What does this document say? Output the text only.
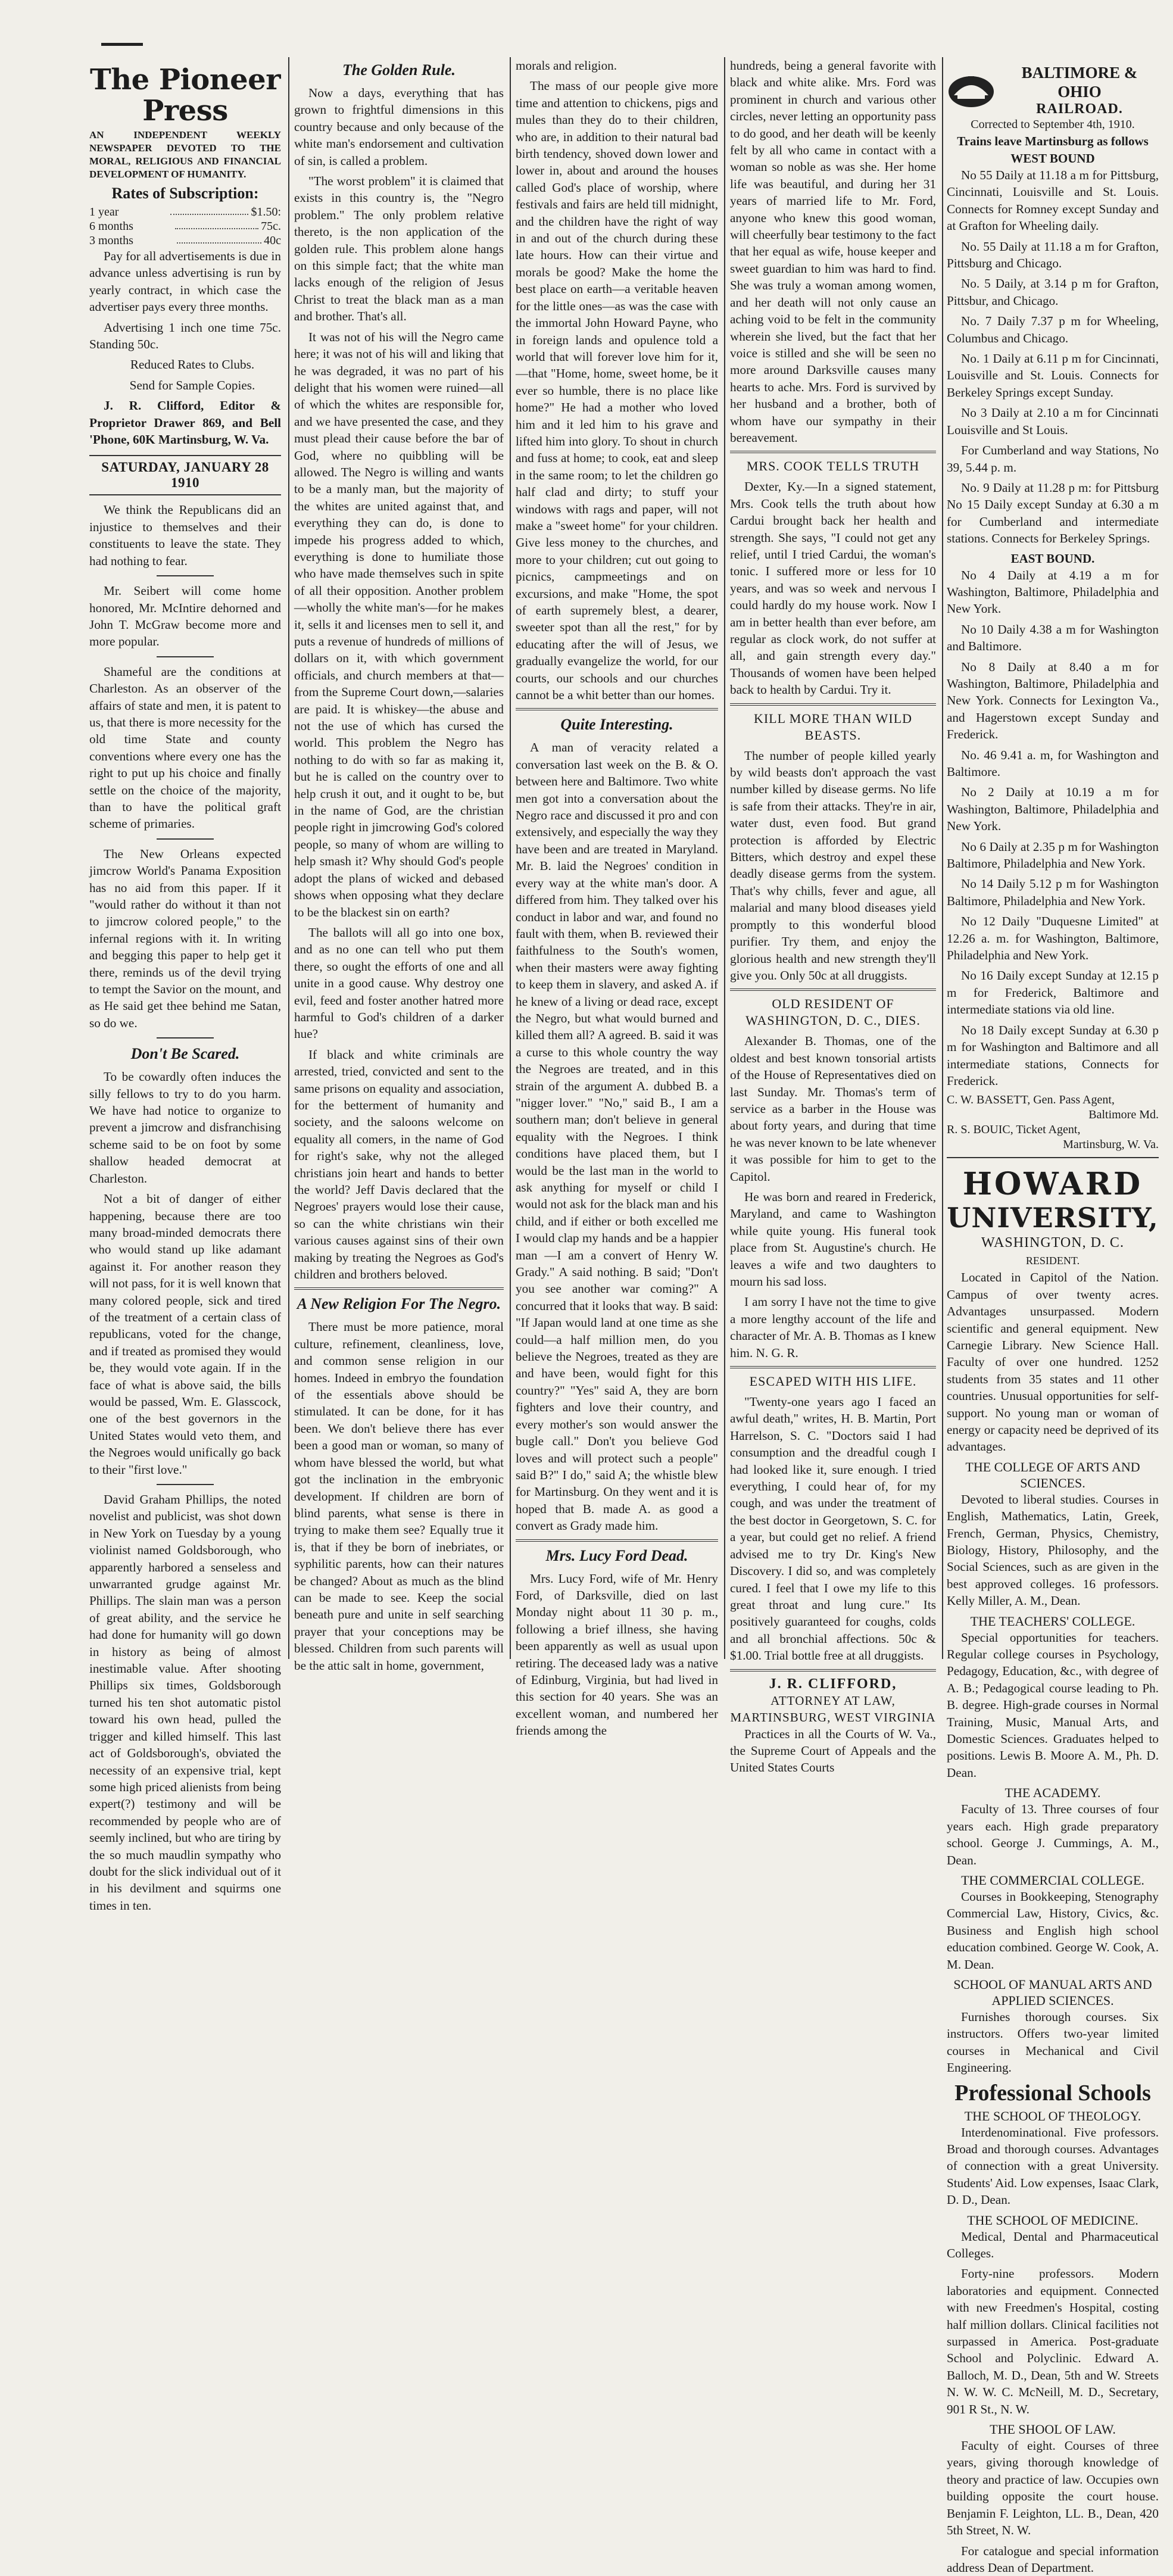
The Pioneer Press
AN INDEPENDENT WEEKLY NEWSPAPER DEVOTED TO THE MORAL, RELIGIOUS AND FINANCIAL DEVELOPMENT OF HUMANITY.
Rates of Subscription:
1 year	$1.50:
6 months	75c.
3 months	40c

Pay for all advertisements is due in advance unless advertising is run by yearly contract, in which case the advertiser pays every three months.

Advertising 1 inch one time 75c. Standing 50c.

Reduced Rates to Clubs.

Send for Sample Copies.

J. R. Clifford, Editor & Proprietor Drawer 869, and Bell 'Phone, 60K Martinsburg, W. Va.

SATURDAY, JANUARY 28 1910

We think the Republicans did an injustice to themselves and their constituents to leave the state. They had nothing to fear.

Mr. Seibert will come home honored, Mr. McIntire dehorned and John T. McGraw become more and more popular.

Shameful are the conditions at Charleston. As an observer of the affairs of state and men, it is patent to us, that there is more necessity for the old time State and county conventions where every one has the right to put up his choice and finally settle on the choice of the majority, than to have the political graft scheme of primaries.

The New Orleans expected jimcrow World's Panama Exposition has no aid from this paper. If it "would rather do without it than not to jimcrow colored people," to the infernal regions with it. In writing and begging this paper to help get it there, reminds us of the devil trying to tempt the Savior on the mount, and as He said get thee behind me Satan, so do we.

Don't Be Scared.

To be cowardly often induces the silly fellows to try to do you harm. We have had notice to organize to prevent a jimcrow and disfranchising scheme said to be on foot by some shallow headed democrat at Charleston.

Not a bit of danger of either happening, because there are too many broad-minded democrats there who would stand up like adamant against it. For another reason they will not pass, for it is well known that many colored people, sick and tired of the treatment of a certain class of republicans, voted for the change, and if treated as promised they would be, they would vote again. If in the face of what is above said, the bills would be passed, Wm. E. Glasscock, one of the best governors in the United States would veto them, and the Negroes would unifically go back to their "first love."

David Graham Phillips, the noted novelist and publicist, was shot down in New York on Tuesday by a young violinist named Goldsborough, who apparently harbored a senseless and unwarranted grudge against Mr. Phillips. The slain man was a person of great ability, and the service he had done for humanity will go down in history as being of almost inestimable value. After shooting Phillips six times, Goldsborough turned his ten shot automatic pistol toward his own head, pulled the trigger and killed himself. This last act of Goldsborough's, obviated the necessity of an expensive trial, kept some high priced alienists from being expert(?) testimony and will be recommended by people who are of seemly inclined, but who are tiring by the so much maudlin sympathy who doubt for the slick individual out of it in his devilment and squirms one times in ten.

The Golden Rule.

Now a days, everything that has grown to frightful dimensions in this country because and only because of the white man's endorsement and cultivation of sin, is called a problem.

"The worst problem" it is claimed that exists in this country is, the "Negro problem." The only problem relative thereto, is the non application of the golden rule. This problem alone hangs on this simple fact; that the white man lacks enough of the religion of Jesus Christ to treat the black man as a man and brother. That's all.

It was not of his will the Negro came here; it was not of his will and liking that he was degraded, it was no part of his delight that his women were ruined—all of which the whites are responsible for, and we have presented the case, and they must plead their cause before the bar of God, where no quibbling will be allowed. The Negro is willing and wants to be a manly man, but the majority of the whites are united against that, and everything they can do, is done to impede his progress added to which, everything is done to humiliate those who have made themselves such in spite of all their opposition. Another problem—wholly the white man's—for he makes it, sells it and licenses men to sell it, and puts a revenue of hundreds of millions of dollars on it, with which government officials, and church members at that—from the Supreme Court down,—salaries are paid. It is whiskey—the abuse and not the use of which has cursed the world. This problem the Negro has nothing to do with so far as making it, but he is called on the country over to help crush it out, and it ought to be, but in the name of God, are the christian people right in jimcrowing God's colored people, so many of whom are willing to help smash it? Why should God's people adopt the plans of wicked and debased shows when opposing what they declare to be the blackest sin on earth?

The ballots will all go into one box, and as no one can tell who put them there, so ought the efforts of one and all unite in a good cause. Why destroy one evil, feed and foster another hatred more harmful to God's children of a darker hue?

If black and white criminals are arrested, tried, convicted and sent to the same prisons on equality and association, for the betterment of humanity and society, and the saloons welcome on equality all comers, in the name of God for right's sake, why not the alleged christians join heart and hands to better the world? Jeff Davis declared that the Negroes' prayers would lose their cause, so can the white christians win their various causes against sins of their own making by treating the Negroes as God's children and brothers beloved.

A New Religion For The Negro.

There must be more patience, moral culture, refinement, cleanliness, love, and common sense religion in our homes. Indeed in embryo the foundation of the essentials above should be stimulated. It can be done, for it has been. We don't believe there has ever been a good man or woman, so many of whom have blessed the world, but what got the inclination in the embryonic development. If children are born of blind parents, what sense is there in trying to make them see? Equally true it is, that if they be born of inebriates, or syphilitic parents, how can their natures be changed? About as much as the blind can be made to see. Keep the social beneath pure and unite in self searching prayer that your conceptions may be blessed. Children from such parents will be the attic salt in home, government,

morals and religion.

The mass of our people give more time and attention to chickens, pigs and mules than they do to their children, who are, in addition to their natural bad birth tendency, shoved down lower and lower in, about and around the houses called God's place of worship, where festivals and fairs are held till midnight, and the children have the right of way in and out of the church during these late hours. How can their virtue and morals be good? Make the home the best place on earth—a veritable heaven for the little ones—as was the case with the immortal John Howard Payne, who in foreign lands and opulence told a world that will forever love him for it,—that "Home, home, sweet home, be it ever so humble, there is no place like home?" He had a mother who loved him and it led him to his grave and lifted him into glory. To shout in church and fuss at home; to cook, eat and sleep in the same room; to let the children go half clad and dirty; to stuff your windows with rags and paper, will not make a "sweet home" for your children. Give less money to the churches, and more to your children; cut out going to picnics, campmeetings and on excursions, and make "Home, the spot of earth supremely blest, a dearer, sweeter spot than all the rest," for by educating after the will of Jesus, we gradually evangelize the world, for our courts, our schools and our churches cannot be a whit better than our homes.

Quite Interesting.

A man of veracity related a conversation last week on the B. & O. between here and Baltimore. Two white men got into a conversation about the Negro race and discussed it pro and con extensively, and especially the way they have been and are treated in Maryland. Mr. B. laid the Negroes' condition in every way at the white man's door. A differed from him. They talked over his conduct in labor and war, and found no fault with them, when B. reviewed their faithfulness to the South's women, when their masters were away fighting to keep them in slavery, and asked A. if he knew of a living or dead race, except the Negro, but what would burned and killed them all? A agreed. B. said it was a curse to this whole country the way the Negroes are treated, and in this strain of the argument A. dubbed B. a "nigger lover." "No," said B., I am a southern man; don't believe in general equality with the Negroes. I think conditions have placed them, but I would be the last man in the world to ask anything for myself or child I would not ask for the black man and his child, and if either or both excelled me I would clap my hands and be a happier man —I am a convert of Henry W. Grady." A said nothing. B said; "Don't you see another war coming?" A concurred that it looks that way. B said: "If Japan would land at one time as she could—a half million men, do you believe the Negroes, treated as they are and have been, would fight for this country?" "Yes" said A, they are born fighters and love their country, and every mother's son would answer the bugle call." Don't you believe God loves and will protect such a people" said B?" I do," said A; the whistle blew for Martinsburg. On they went and it is hoped that B. made A. as good a convert as Grady made him.

Mrs. Lucy Ford Dead.

Mrs. Lucy Ford, wife of Mr. Henry Ford, of Darksville, died on last Monday night about 11 30 p. m., following a brief illness, she having been apparently as well as usual upon retiring. The deceased lady was a native of Edinburg, Virginia, but had lived in this section for 40 years. She was an excellent woman, and numbered her friends among the

hundreds, being a general favorite with black and white alike. Mrs. Ford was prominent in church and various other circles, never letting an opportunity pass to do good, and her death will be keenly felt by all who came in contact with a woman so noble as was she. Her home life was beautiful, and during her 31 years of married life to Mr. Ford, anyone who knew this good woman, will cheerfully bear testimony to the fact that her equal as wife, house keeper and sweet guardian to him was hard to find. She was truly a woman among women, and her death will not only cause an aching void to be felt in the community wherein she lived, but the fact that her voice is stilled and she will be seen no more around Darksville causes many hearts to ache. Mrs. Ford is survived by her husband and a brother, both of whom have our sympathy in their bereavement.

MRS. COOK TELLS TRUTH

Dexter, Ky.—In a signed statement, Mrs. Cook tells the truth about how Cardui brought back her health and strength. She says, "I could not get any relief, until I tried Cardui, the woman's tonic. I suffered more or less for 10 years, and was so week and nervous I could hardly do my house work. Now I am in better health than ever before, am regular as clock work, do not suffer at all, and gain strength every day." Thousands of women have been helped back to health by Cardui. Try it.

KILL MORE THAN WILD BEASTS.

The number of people killed yearly by wild beasts don't approach the vast number killed by disease germs. No life is safe from their attacks. They're in air, water dust, even food. But grand protection is afforded by Electric Bitters, which destroy and expel these deadly disease germs from the system. That's why chills, fever and ague, all malarial and many blood diseases yield promptly to this wonderful blood purifier. Try them, and enjoy the glorious health and new strength they'll give you. Only 50c at all druggists.

OLD RESIDENT OF WASHINGTON, D. C., DIES.

Alexander B. Thomas, one of the oldest and best known tonsorial artists of the House of Representatives died on last Sunday. Mr. Thomas's term of service as a barber in the House was about forty years, and during that time he was never known to be late whenever it was possible for him to get to the Capitol.

He was born and reared in Frederick, Maryland, and came to Washington while quite young. His funeral took place from St. Augustine's church. He leaves a wife and two daughters to mourn his sad loss.

I am sorry I have not the time to give a more lengthy account of the life and character of Mr. A. B. Thomas as I knew him. N. G. R.

ESCAPED WITH HIS LIFE.

"Twenty-one years ago I faced an awful death," writes, H. B. Martin, Port Harrelson, S. C. "Doctors said I had consumption and the dreadful cough I had looked like it, sure enough. I tried everything, I could hear of, for my cough, and was under the treatment of the best doctor in Georgetown, S. C. for a year, but could get no relief. A friend advised me to try Dr. King's New Discovery. I did so, and was completely cured. I feel that I owe my life to this great throat and lung cure." Its positively guaranteed for coughs, colds and all bronchial affections. 50c & $1.00. Trial bottle free at all druggists.

J. R. CLIFFORD,
ATTORNEY AT LAW,
MARTINSBURG, WEST VIRGINIA

Practices in all the Courts of W. Va., the Supreme Court of Appeals and the United States Courts

BALTIMORE & OHIO
RAILROAD.
Corrected to September 4th, 1910.
Trains leave Martinsburg as follows
WEST BOUND

No 55 Daily at 11.18 a m for Pittsburg, Cincinnati, Louisville and St. Louis. Connects for Romney except Sunday and at Grafton for Wheeling daily.

No. 55 Daily at 11.18 a m for Grafton, Pittsburg and Chicago.

No. 5 Daily, at 3.14 p m for Grafton, Pittsbur, and Chicago.

No. 7 Daily 7.37 p m for Wheeling, Columbus and Chicago.

No. 1 Daily at 6.11 p m for Cincinnati, Louisville and St. Louis. Connects for Berkeley Springs except Sunday.

No 3 Daily at 2.10 a m for Cincinnati Louisville and St Louis.

For Cumberland and way Stations, No 39, 5.44 p. m.

No. 9 Daily at 11.28 p m: for Pittsburg No 15 Daily except Sunday at 6.30 a m for Cumberland and intermediate stations. Connects for Berkeley Springs.

EAST BOUND.

No 4 Daily at 4.19 a m for Washington, Baltimore, Philadelphia and New York.

No 10 Daily 4.38 a m for Washington and Baltimore.

No 8 Daily at 8.40 a m for Washington, Baltimore, Philadelphia and New York. Connects for Lexington Va., and Hagerstown except Sunday and Frederick.

No. 46 9.41 a. m, for Washington and Baltimore.

No 2 Daily at 10.19 a m for Washington, Baltimore, Philadelphia and New York.

No 6 Daily at 2.35 p m for Washington Baltimore, Philadelphia and New York.

No 14 Daily 5.12 p m for Washington Baltimore, Philadelphia and New York.

No 12 Daily "Duquesne Limited" at 12.26 a. m. for Washington, Baltimore, Philadelphia and New York.

No 16 Daily except Sunday at 12.15 p m for Frederick, Baltimore and intermediate stations via old line.

No 18 Daily except Sunday at 6.30 p m for Washington and Baltimore and all intermediate stations, Connects for Frederick.

C. W. BASSETT, Gen. Pass Agent,
Baltimore Md.
R. S. BOUIC, Ticket Agent,
Martinsburg, W. Va.
HOWARD
UNIVERSITY,
WASHINGTON, D. C.
RESIDENT.

Located in Capitol of the Nation. Campus of over twenty acres. Advantages unsurpassed. Modern scientific and general equipment. New Carnegie Library. New Science Hall. Faculty of over one hundred. 1252 students from 35 states and 11 other countries. Unusual opportunities for self-support. No young man or woman of energy or capacity need be deprived of its advantages.

THE COLLEGE OF ARTS AND SCIENCES.

Devoted to liberal studies. Courses in English, Mathematics, Latin, Greek, French, German, Physics, Chemistry, Biology, History, Philosophy, and the Social Sciences, such as are given in the best approved colleges. 16 professors. Kelly Miller, A. M., Dean.

THE TEACHERS' COLLEGE.

Special opportunities for teachers. Regular college courses in Psychology, Pedagogy, Education, &c., with degree of A. B.; Pedagogical course leading to Ph. B. degree. High-grade courses in Normal Training, Music, Manual Arts, and Domestic Sciences. Graduates helped to positions. Lewis B. Moore A. M., Ph. D. Dean.

THE ACADEMY.

Faculty of 13. Three courses of four years each. High grade preparatory school. George J. Cummings, A. M., Dean.

THE COMMERCIAL COLLEGE.

Courses in Bookkeeping, Stenography Commercial Law, History, Civics, &c. Business and English high school education combined. George W. Cook, A. M. Dean.

SCHOOL OF MANUAL ARTS AND APPLIED SCIENCES.

Furnishes thorough courses. Six instructors. Offers two-year limited courses in Mechanical and Civil Engineering.

Professional Schools
THE SCHOOL OF THEOLOGY.

Interdenominational. Five professors. Broad and thorough courses. Advantages of connection with a great University. Students' Aid. Low expenses, Isaac Clark, D. D., Dean.

THE SCHOOL OF MEDICINE.

Medical, Dental and Pharmaceutical Colleges.

Forty-nine professors. Modern laboratories and equipment. Connected with new Freedmen's Hospital, costing half million dollars. Clinical facilities not surpassed in America. Post-graduate School and Polyclinic. Edward A. Balloch, M. D., Dean, 5th and W. Streets N. W. W. C. McNeill, M. D., Secretary, 901 R St., N. W.

THE SHOOL OF LAW.

Faculty of eight. Courses of three years, giving thorough knowledge of theory and practice of law. Occupies own building opposite the court house. Benjamin F. Leighton, LL. B., Dean, 420 5th Street, N. W.

For catalogue and special information address Dean of Department.
